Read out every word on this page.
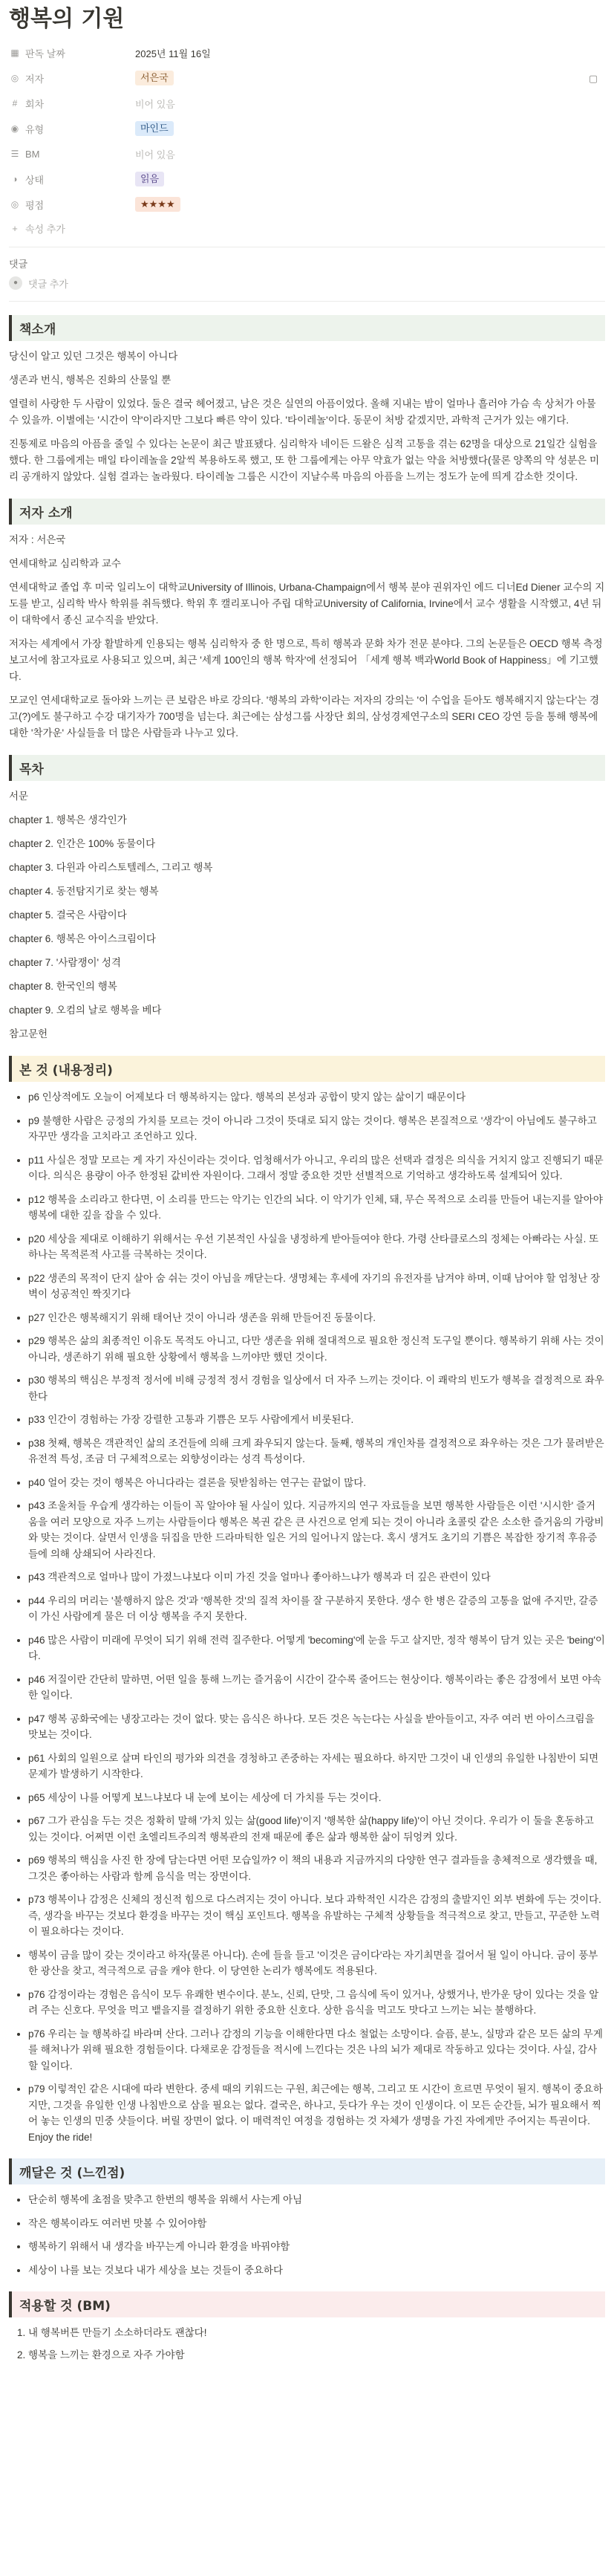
행복의 기원
▦ 판독 날짜	2025년 11월 16일
◎ 저자	서은국
# 회차	비어 있음
◉ 유형	마인드
☰ BM	비어 있음
◑ 상태	읽음
◎ 평점	★★★★
+ 속성 추가
▢
댓글
●	댓글 추가
책소개

당신이 알고 있던 그것은 행복이 아니다

생존과 번식, 행복은 진화의 산물일 뿐

열렬히 사랑한 두 사람이 있었다. 둘은 결국 헤어졌고, 남은 것은 실연의 아픔이었다. 올해 지내는 밤이 얼마나 흘러야 가슴 속 상처가 아물 수 있을까. 이별에는 '시간이 약'이라지만 그보다 빠른 약이 있다. '타이레놀'이다. 동문이 처방 같겠지만, 과학적 근거가 있는 얘기다.

진통제로 마음의 아픔을 줄일 수 있다는 논문이 최근 발표됐다. 심리학자 네이든 드왈은 심적 고통을 겪는 62명을 대상으로 21일간 실험을 했다. 한 그룹에게는 매일 타이레놀을 2알씩 복용하도록 했고, 또 한 그룹에게는 아무 약효가 없는 약을 처방했다(물론 양쪽의 약 성분은 미리 공개하지 않았다. 실험 결과는 놀라웠다. 타이레놀 그룹은 시간이 지날수록 마음의 아픔을 느끼는 정도가 눈에 띄게 감소한 것이다.

저자 소개

저자 : 서은국

연세대학교 심리학과 교수

연세대학교 졸업 후 미국 일리노이 대학교University of Illinois, Urbana-Champaign에서 행복 분야 권위자인 에드 디너Ed Diener 교수의 지도를 받고, 심리학 박사 학위를 취득했다. 학위 후 캘리포니아 주립 대학교University of California, Irvine에서 교수 생활을 시작했고, 4년 뒤 이 대학에서 종신 교수직을 받았다.

저자는 세계에서 가장 활발하게 인용되는 행복 심리학자 중 한 명으로, 특히 행복과 문화 차가 전문 분야다. 그의 논문들은 OECD 행복 측정 보고서에 참고자료로 사용되고 있으며, 최근 '세계 100인의 행복 학자'에 선정되어 「세계 행복 백과World Book of Happiness」에 기고했다.

모교인 연세대학교로 돌아와 느끼는 큰 보람은 바로 강의다. '행복의 과학'이라는 저자의 강의는 '이 수업을 듣아도 행복해지지 않는다'는 경고(?)에도 불구하고 수강 대기자가 700명을 넘는다. 최근에는 삼성그룹 사장단 회의, 삼성경제연구소의 SERI CEO 강연 등을 통해 행복에 대한 '착가운' 사실들을 더 많은 사람들과 나누고 있다.

목차

서문

chapter 1. 행복은 생각인가

chapter 2. 인간은 100% 동물이다

chapter 3. 다윈과 아리스토텔레스, 그리고 행복

chapter 4. 동전탐지기로 찾는 행복

chapter 5. 결국은 사람이다

chapter 6. 행복은 아이스크림이다

chapter 7. '사람쟁이' 성격

chapter 8. 한국인의 행복

chapter 9. 오컴의 날로 행복을 베다

참고문헌

본 것 (내용정리)
• p6 인상적에도 오늘이 어제보다 더 행복하지는 않다. 행복의 본성과 공합이 맞지 않는 삶이기 때문이다
• p9 불행한 사람은 긍정의 가치를 모르는 것이 아니라 그것이 뜻대로 되지 않는 것이다. 행복은 본질적으로 '생각'이 아님에도 불구하고 자꾸만 생각을 고치라고 조언하고 있다.
• p11 사실은 정말 모르는 게 자기 자신이라는 것이다. 엄청해서가 아니고, 우리의 많은 선택과 결정은 의식을 거치지 않고 진행되기 때문이다. 의식은 용량이 아주 한정된 값비싼 자원이다. 그래서 정말 중요한 것만 선별적으로 기억하고 생각하도록 설계되어 있다.
• p12 행복을 소리라고 한다면, 이 소리를 만드는 악기는 인간의 뇌다. 이 악기가 인체, 돼, 무슨 목적으로 소리를 만들어 내는지를 알아야 행복에 대한 깊을 잡을 수 있다.
• p20 세상을 제대로 이해하기 위해서는 우선 기본적인 사실을 냉정하게 받아들여야 한다. 가령 산타클로스의 정체는 아빠라는 사실. 또 하나는 목적론적 사고를 극복하는 것이다.
• p22 생존의 목적이 단지 살아 숨 쉬는 것이 아님을 깨닫는다. 생명체는 후세에 자기의 유전자를 남겨야 하며, 이때 남어야 할 엄청난 장벽이 성공적인 짝짓기다
• p27 인간은 행복해지기 위해 태어난 것이 아니라 생존을 위해 만들어진 동물이다.
• p29 행복은 삶의 최종적인 이유도 목적도 아니고, 다만 생존을 위해 절대적으로 필요한 정신적 도구일 뿐이다. 행복하기 위해 사는 것이 아니라, 생존하기 위해 필요한 상황에서 행복을 느끼야만 했던 것이다.
• p30 행복의 핵심은 부정적 정서에 비해 긍정적 정서 경험을 일상에서 더 자주 느끼는 것이다. 이 쾌락의 빈도가 행복을 결정적으로 좌우한다
• p33 인간이 경험하는 가장 강렬한 고통과 기쁨은 모두 사람에게서 비롯된다.
• p38 첫째, 행복은 객관적인 삶의 조건들에 의해 크게 좌우되지 않는다. 둘째, 행복의 개인차를 결정적으로 좌우하는 것은 그가 물려받은 유전적 특성, 조금 더 구체적으로는 외향성이라는 성격 특성이다.
• p40 얼어 갖는 것이 행복은 아니다라는 결론을 뒷받침하는 연구는 끝없이 많다.
• p43 조울처들 우습게 생각하는 이들이 꼭 알아야 될 사실이 있다. 지금까지의 연구 자료들을 보면 행복한 사람들은 이런 '시시한' 즐거움을 여러 모양으로 자주 느끼는 사람들이다 행복은 복권 같은 큰 사건으로 얻게 되는 것이 아니라 초콜릿 같은 소소한 즐거움의 가랑비와 맞는 것이다. 살면서 인생을 뒤집을 만한 드라마틱한 일은 거의 일어나지 않는다. 혹시 생겨도 초기의 기쁨은 복잡한 장기적 후유증들에 의해 상쇄되어 사라진다.
• p43 객관적으로 얼마나 많이 가졌느냐보다 이미 가진 것을 얼마나 좋아하느냐가 행복과 더 깊은 관련이 있다
• p44 우리의 머리는 '불행하지 않은 것'과 '행복한 것'의 질적 차이를 잘 구분하지 못한다. 생수 한 병은 갈증의 고통을 없애 주지만, 갈증이 가신 사람에게 물은 더 이상 행복을 주지 못한다.
• p46 많은 사람이 미래에 무엇이 되기 위해 전력 질주한다. 어떻게 'becoming'에 눈을 두고 살지만, 정작 행복이 담겨 있는 곳은 'being'이다.
• p46 저질이란 간단히 말하면, 어떤 일을 통해 느끼는 즐거움이 시간이 갈수록 줄어드는 현상이다. 행복이라는 좋은 감정에서 보면 야속한 일이다.
• p47 행복 공화국에는 냉장고라는 것이 없다. 맞는 음식은 하나다. 모든 것은 녹는다는 사실을 받아들이고, 자주 여러 번 아이스크림을 맛보는 것이다.
• p61 사회의 일원으로 살며 타인의 평가와 의견을 경청하고 존중하는 자세는 필요하다. 하지만 그것이 내 인생의 유일한 나침반이 되면 문제가 발생하기 시작한다.
• p65 세상이 나를 어떻게 보느냐보다 내 눈에 보이는 세상에 더 가치를 두는 것이다.
• p67 그가 관심을 두는 것은 정확히 말해 '가치 있는 삶(good life)'이지 '행복한 삶(happy life)'이 아닌 것이다. 우리가 이 둘을 혼동하고 있는 것이다. 어쩌면 이런 초엘리트주의적 행복관의 전재 때문에 좋은 삶과 행복한 삶이 뒤엉켜 있다.
• p69 행복의 핵심을 사진 한 장에 담는다면 어떤 모습일까? 이 책의 내용과 지금까지의 다양한 연구 결과들을 총체적으로 생각했을 때, 그것은 좋아하는 사람과 함께 음식을 먹는 장면이다.
• p73 행복이나 감정은 신체의 정신적 힘으로 다스려지는 것이 아니다. 보다 과학적인 시각은 감정의 출발지인 외부 변화에 두는 것이다. 즉, 생각을 바꾸는 것보다 환경을 바꾸는 것이 핵심 포인트다. 행복을 유발하는 구체적 상황들을 적극적으로 찾고, 만들고, 꾸준한 노력이 필요하다는 것이다.
• 행복이 금을 많이 갖는 것이라고 하자(물론 아니다). 손에 들을 들고 '이것은 금이다'라는 자기최면을 걸어서 될 일이 아니다. 금이 풍부한 광산을 찾고, 적극적으로 금을 캐야 한다. 이 당연한 논리가 행복에도 적용된다.
• p76 감정이라는 경험은 음식이 모두 유쾌한 변수이다. 분노, 신뢰, 단맛, 그 음식에 독이 있거나, 상했거나, 반가운 당이 있다는 것을 알려 주는 신호다. 무엇을 먹고 뱉을지를 결정하기 위한 중요한 신호다. 상한 음식을 먹고도 맛다고 느끼는 뇌는 불행하다.
• p76 우리는 늘 행복하길 바라며 산다. 그러나 감정의 기능을 이해한다면 다소 철없는 소망이다. 슬픔, 분노, 실망과 같은 모든 삶의 무게를 해쳐나가 위해 필요한 경험들이다. 다채로운 감정들을 적시에 느낀다는 것은 나의 뇌가 제대로 작동하고 있다는 것이다. 사실, 감사할 일이다.
• p79 이렇적인 같은 시대에 따라 변한다. 중세 때의 키워드는 구원, 최근에는 행복, 그리고 또 시간이 흐르면 무엇이 될지. 행복이 중요하지만, 그것을 유일한 인생 나침반으로 삼을 필요는 없다. 결국은, 하나고, 듯다가 우는 것이 인생이다. 이 모든 순간들, 뇌가 필요해서 찍어 놓는 인생의 민중 샷들이다. 버릴 장면이 없다. 이 매력적인 여정을 경험하는 것 자체가 생명을 가진 자에게만 주어지는 특권이다. Enjoy the ride!
깨달은 것 (느낀점)
• 단순히 행복에 초점을 맞추고 한번의 행복을 위해서 사는게 아님
• 작은 행복이라도 여러번 맛볼 수 있어야함
• 행복하기 위해서 내 생각을 바꾸는게 아니라 환경을 바꿔야함
• 세상이 나를 보는 것보다 내가 세상을 보는 것들이 중요하다
적용할 것 (BM)
1. 내 행복버튼 만들기 소소하더라도 괜찮다!
2. 행복을 느끼는 환경으로 자주 가야함
